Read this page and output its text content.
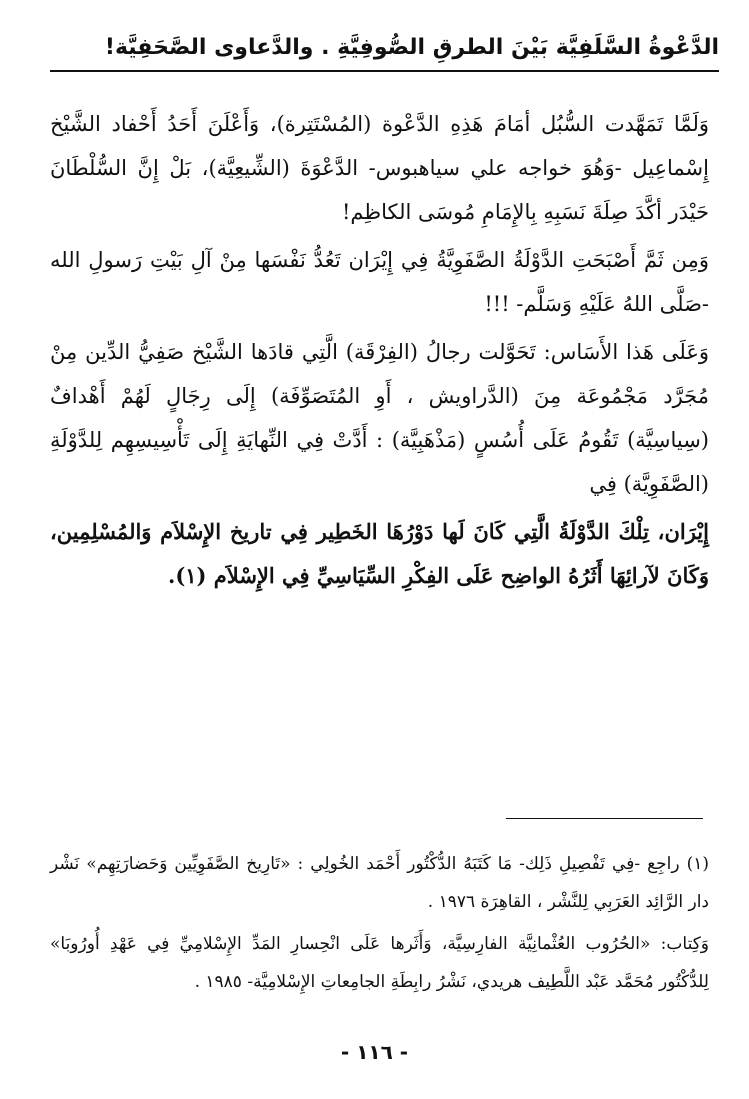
الدَّعْوةُ السَّلَفِيَّة بَيْنَ الطرقِ الصُّوفِيَّةِ . والدَّعاوى الصَّحَفِيَّة!

وَلَمَّا تَمَهَّدت السُّبُل أمَامَ هَذِهِ الدَّعْوة (المُسْتَتِرة)، وَأَعْلَنَ أَحَدُ أَحْفاد الشَّيْخ إِسْماعِيل -وَهُوَ خواجه علي سياهبوس- الدَّعْوَةَ (الشِّيعِيَّة)، بَلْ إِنَّ السُّلْطَانَ حَيْدَر أكَّدَ صِلَةَ نَسَبِهِ بِالإِمَامِ مُوسَى الكاظِم!

وَمِن ثَمَّ أَصْبَحَتِ الدَّوْلَةُ الصَّفَوِيَّةُ فِي إِيْرَان تَعُدُّ نَفْسَها مِنْ آلِ بَيْتِ رَسولِ الله -صَلَّى اللهُ عَلَيْهِ وَسَلَّم- !!!

وَعَلَى هَذا الأَسَاس: تَحَوَّلت رجالُ (الفِرْقَة) الَّتِي قادَها الشَّيْخ صَفِيُّ الدِّين مِنْ مُجَرَّد مَجْمُوعَة مِنَ (الدَّراويش ، أَوِ المُتَصَوِّفَة) إِلَى رِجَالٍ لَهُمْ أَهْدافٌ (سِياسِيَّة) تَقُومُ عَلَى أُسُسٍ (مَذْهَبِيَّة) : أَدَّتْ فِي النِّهايَةِ إِلَى تَأْسِيسِهِم لِلدَّوْلَةِ (الصَّفَوِيَّة) فِي

إِيْرَان، تِلْكَ الدَّوْلَةُ الَّتِي كَانَ لَها دَوْرُهَا الخَطِير فِي تاريخ الإِسْلاَم وَالمُسْلِمِين، وَكَانَ لآرائِهَا أَثَرُهُ الواضِح عَلَى الفِكْرِ السِّيَاسِيِّ فِي الإِسْلاَم (١).

(١) راجِع -فِي تَفْصِيلِ ذَلِك- مَا كَتَبَهُ الدُّكْتُور أَحْمَد الخُولِي : «تَارِيخ الصَّفَوِيِّين وَحَضارَتِهِم» نَشْر دار الرَّائِد العَرَبِي لِلنَّشْر ، القاهِرَة ١٩٧٦ .

وَكِتاب: «الحُرُوب العُثْمانِيَّة الفارِسِيَّة، وَأَثَرها عَلَى انْحِسارِ المَدِّ الإِسْلامِيِّ فِي عَهْدِ أُورُوبَا» لِلدُّكْتُور مُحَمَّد عَبْد اللَّطِيف هريدي، نَشْرُ رابِطَةِ الجامِعاتِ الإِسْلامِيَّة- ١٩٨٥ .

- ١١٦ -
